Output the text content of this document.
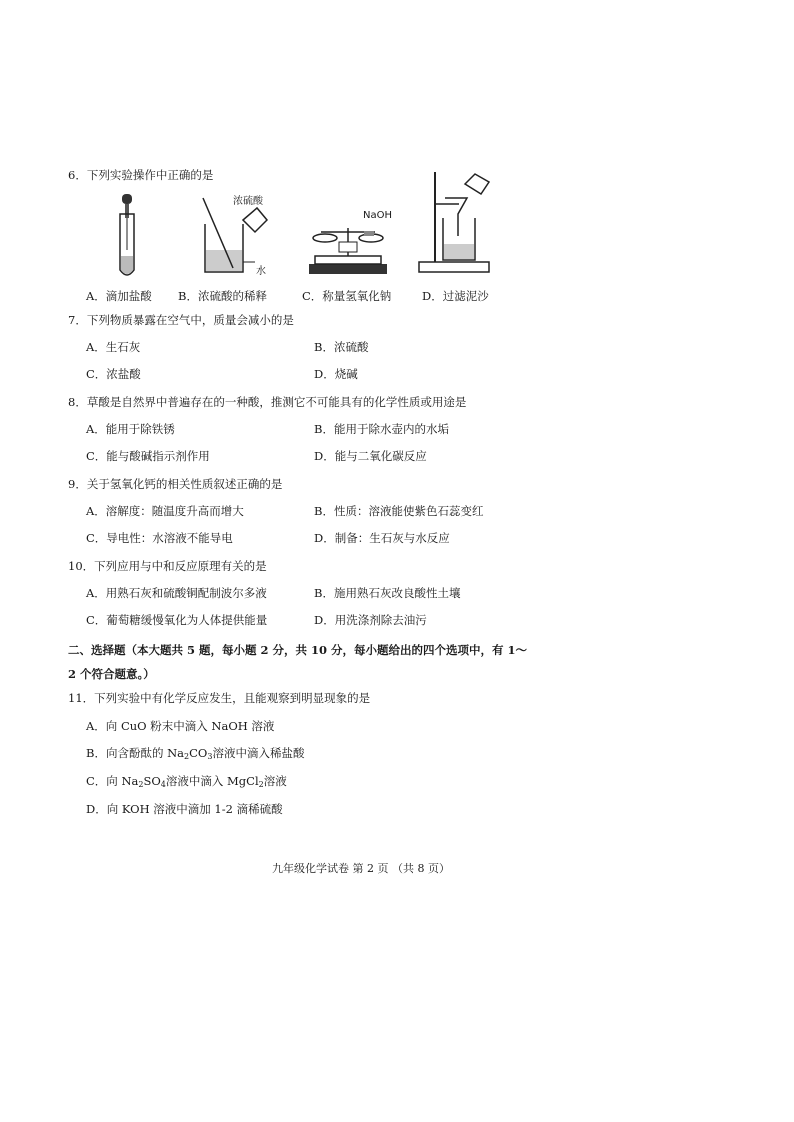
6．下列实验操作中正确的是
浓硫酸
水
NaOH
A．滴加盐酸 B．浓硫酸的稀释	C．称量氢氧化钠	D．过滤泥沙
7．下列物质暴露在空气中，质量会减小的是
A．生石灰	B．浓硫酸
C．浓盐酸	D．烧碱
8．草酸是自然界中普遍存在的一种酸，推测它不可能具有的化学性质或用途是
A．能用于除铁锈	B．能用于除水壶内的水垢
C．能与酸碱指示剂作用	D．能与二氧化碳反应
9．关于氢氧化钙的相关性质叙述正确的是
A．溶解度：随温度升高而增大	B．性质：溶液能使紫色石蕊变红
C．导电性：水溶液不能导电	D．制备：生石灰与水反应
10．下列应用与中和反应原理有关的是
A．用熟石灰和硫酸铜配制波尔多液	B．施用熟石灰改良酸性土壤
C．葡萄糖缓慢氧化为人体提供能量	D．用洗涤剂除去油污
二、选择题（本大题共 5 题，每小题 2 分，共 10 分，每小题给出的四个选项中，有 1～
2 个符合题意。）
11．下列实验中有化学反应发生，且能观察到明显现象的是
A．向 CuO 粉末中滴入 NaOH 溶液
B．向含酚酞的 $Na_2CO_3$溶液中滴入稀盐酸
C．向 $Na_2SO_4$溶液中滴入 MgCl$_2$溶液
D．向 KOH 溶液中滴加 1-2 滴稀硫酸
九年级化学试卷 第 2 页 （共 8 页）
